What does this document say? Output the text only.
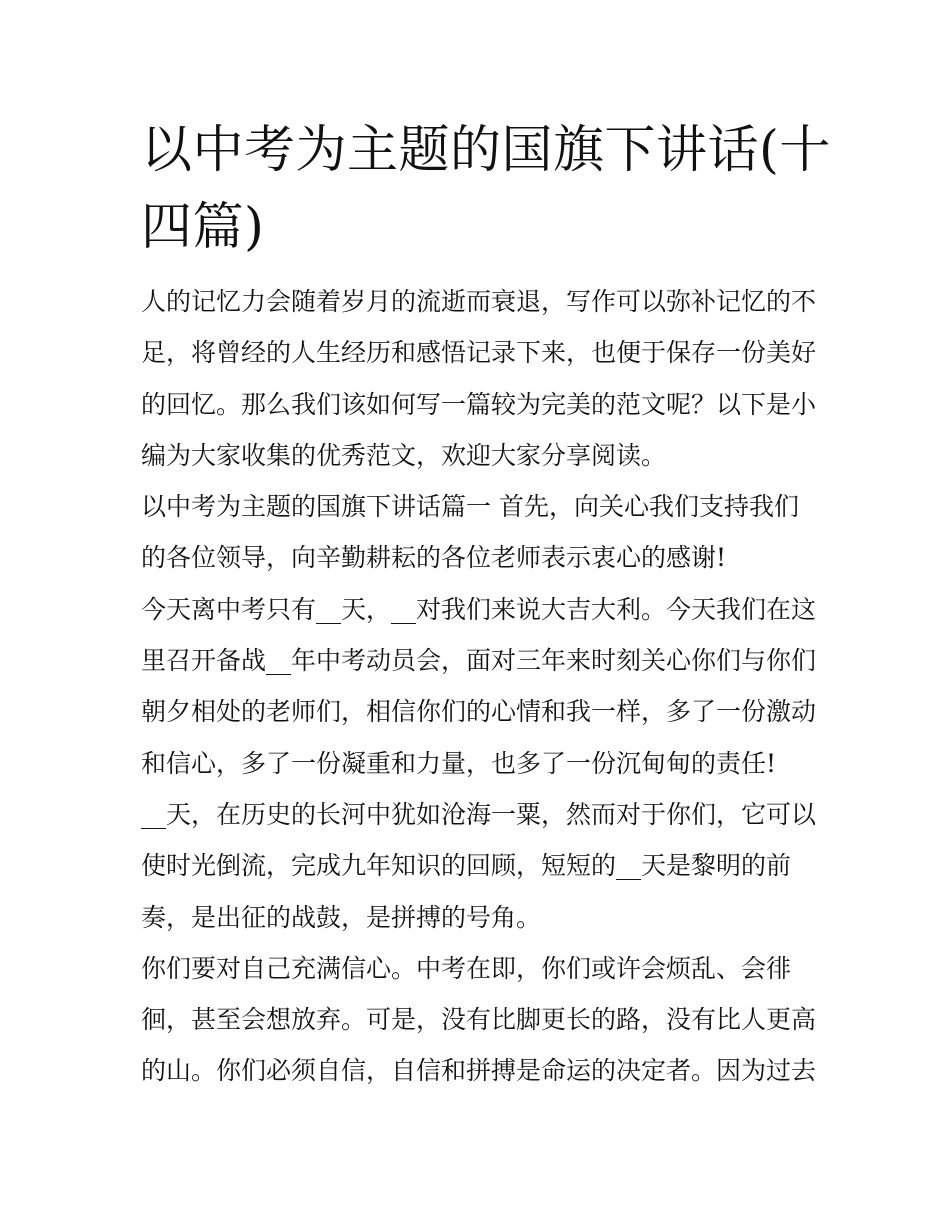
以中考为主题的国旗下讲话(十
四篇)

人的记忆力会随着岁月的流逝而衰退，写作可以弥补记忆的不
足，将曾经的人生经历和感悟记录下来，也便于保存一份美好
的回忆。那么我们该如何写一篇较为完美的范文呢？以下是小
编为大家收集的优秀范文，欢迎大家分享阅读。

以中考为主题的国旗下讲话篇一 首先，向关心我们支持我们
的各位领导，向辛勤耕耘的各位老师表示衷心的感谢!

今天离中考只有__天，__对我们来说大吉大利。今天我们在这
里召开备战__年中考动员会，面对三年来时刻关心你们与你们
朝夕相处的老师们，相信你们的心情和我一样，多了一份激动
和信心，多了一份凝重和力量，也多了一份沉甸甸的责任!

__天，在历史的长河中犹如沧海一粟，然而对于你们，它可以
使时光倒流，完成九年知识的回顾，短短的__天是黎明的前
奏，是出征的战鼓，是拼搏的号角。

你们要对自己充满信心。中考在即，你们或许会烦乱、会徘
徊，甚至会想放弃。可是，没有比脚更长的路，没有比人更高
的山。你们必须自信，自信和拼搏是命运的决定者。因为过去
